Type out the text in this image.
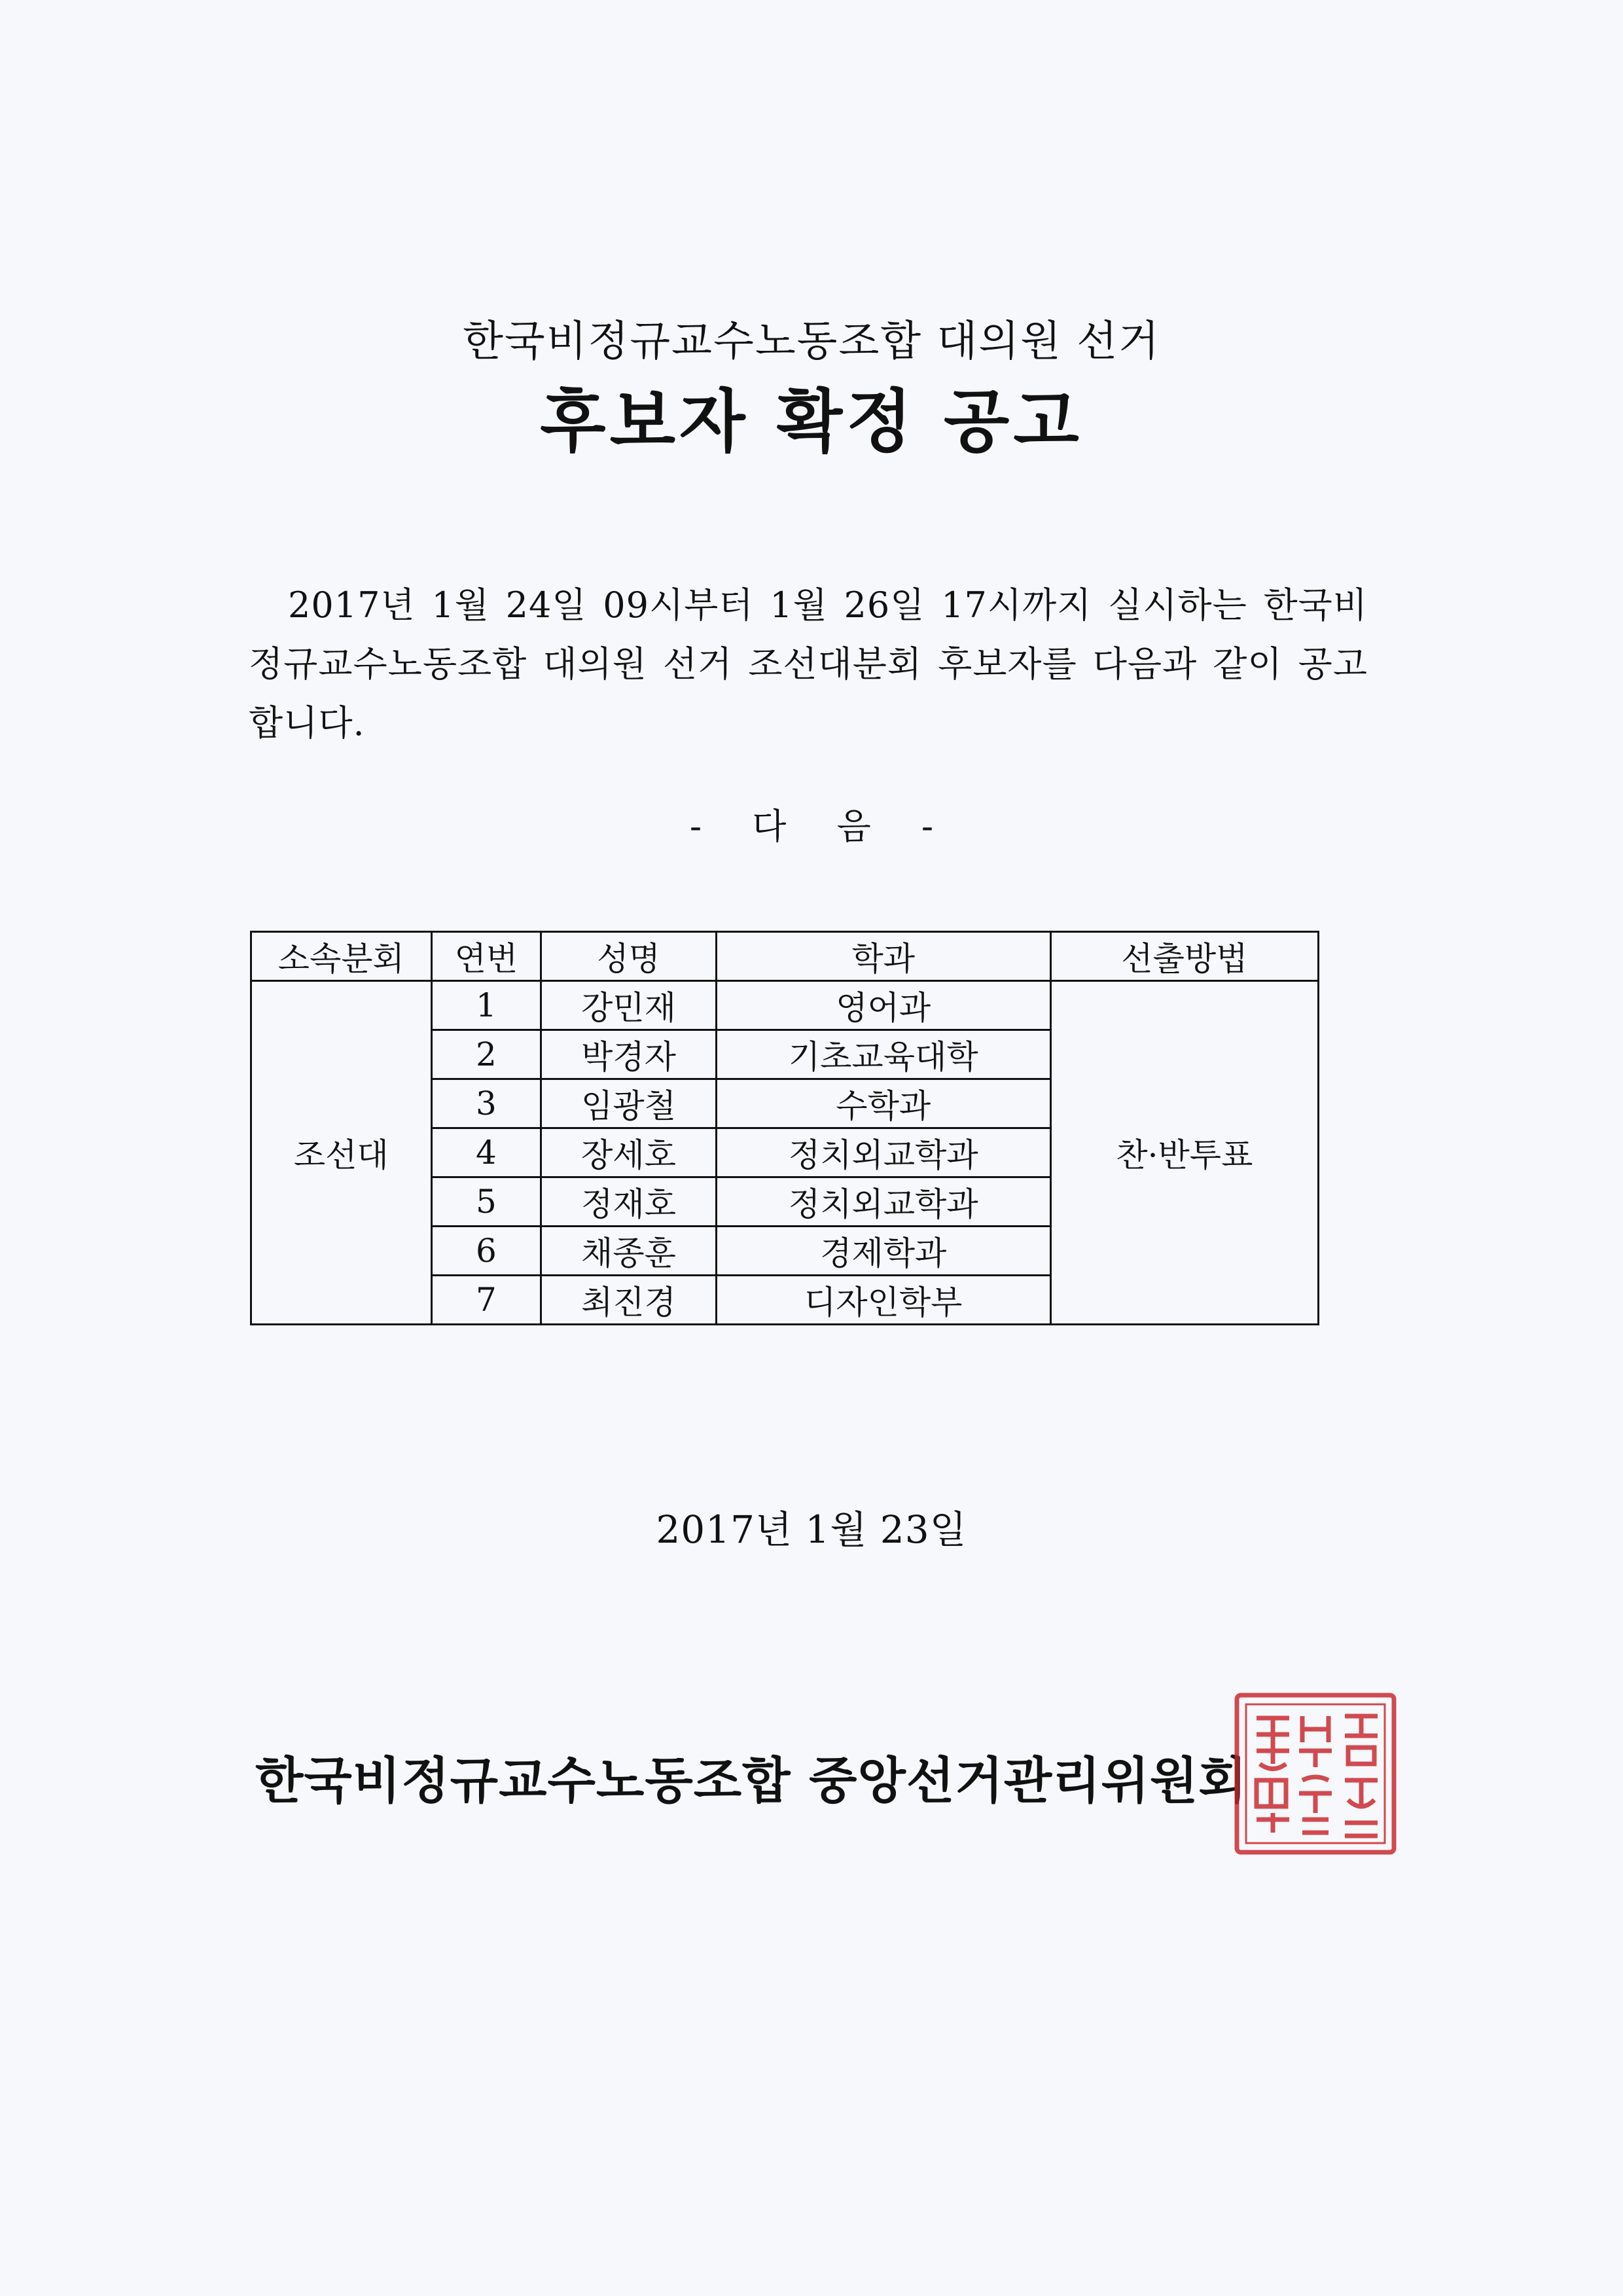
한국비정규교수노동조합 대의원 선거
후보자 확정 공고
2017년 1월 24일 09시부터 1월 26일 17시까지 실시하는 한국비정규교수노동조합 대의원 선거 조선대분회 후보자를 다음과 같이 공고합니다.
- 다 음 -
소속분회	연번	성명	학과	선출방법
조선대	1	강민재	영어과	찬·반투표
	2	박경자	기초교육대학	
	3	임광철	수학과	
	4	장세호	정치외교학과	
	5	정재호	정치외교학과	
	6	채종훈	경제학과	
	7	최진경	디자인학부	
2017년 1월 23일
한국비정규교수노동조합 중앙선거관리위원회
